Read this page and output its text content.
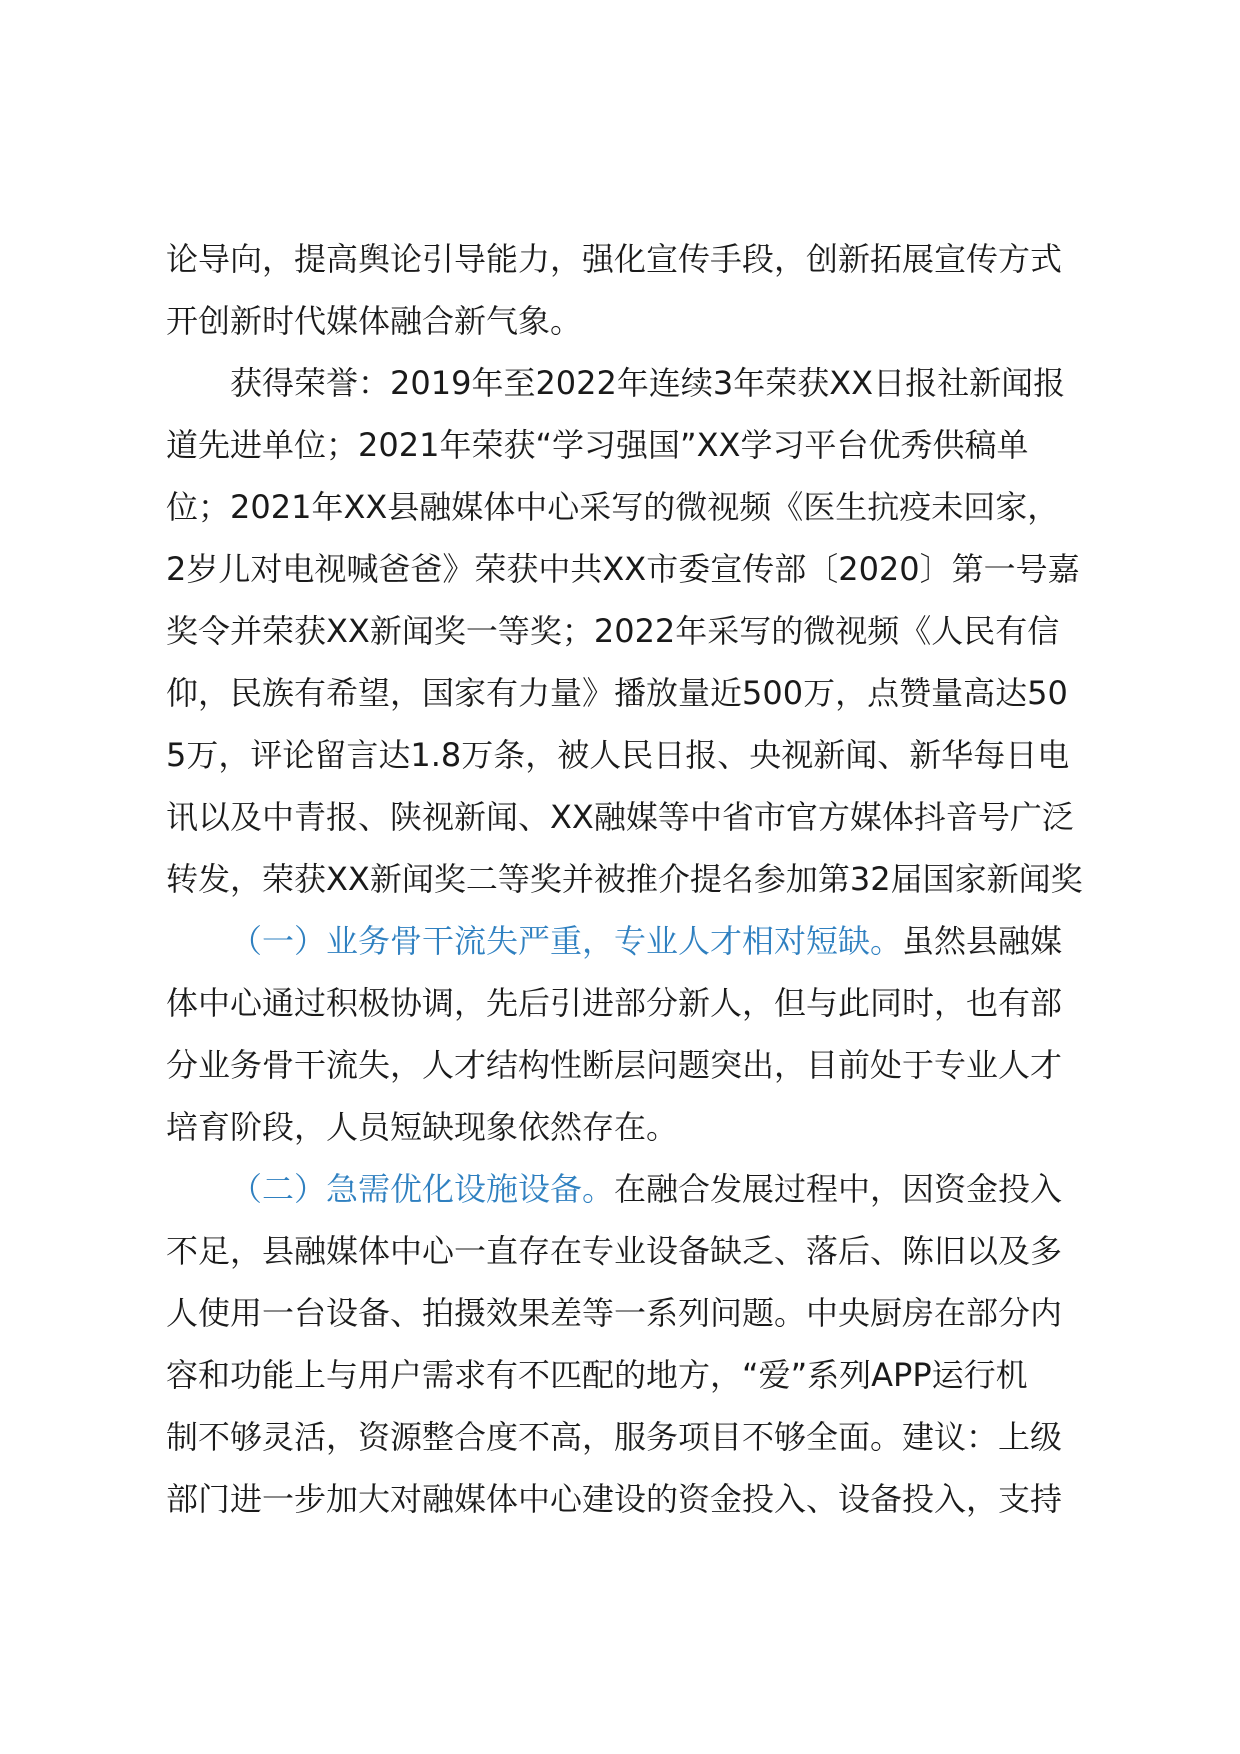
论导向，提高舆论引导能力，强化宣传手段，创新拓展宣传方式
开创新时代媒体融合新气象。

获得荣誉：2019年至2022年连续3年荣获XX日报社新闻报
道先进单位；2021年荣获“学习强国”XX学习平台优秀供稿单
位；2021年XX县融媒体中心采写的微视频《医生抗疫未回家，
2岁儿对电视喊爸爸》荣获中共XX市委宣传部〔2020〕第一号嘉
奖令并荣获XX新闻奖一等奖；2022年采写的微视频《人民有信
仰，民族有希望，国家有力量》播放量近500万，点赞量高达50
5万，评论留言达1.8万条，被人民日报、央视新闻、新华每日电
讯以及中青报、陕视新闻、XX融媒等中省市官方媒体抖音号广泛
转发，荣获XX新闻奖二等奖并被推介提名参加第32届国家新闻奖

（一）业务骨干流失严重，专业人才相对短缺。虽然县融媒
体中心通过积极协调，先后引进部分新人，但与此同时，也有部
分业务骨干流失，人才结构性断层问题突出，目前处于专业人才
培育阶段，人员短缺现象依然存在。

（二）急需优化设施设备。在融合发展过程中，因资金投入
不足，县融媒体中心一直存在专业设备缺乏、落后、陈旧以及多
人使用一台设备、拍摄效果差等一系列问题。中央厨房在部分内
容和功能上与用户需求有不匹配的地方，“爱”系列APP运行机
制不够灵活，资源整合度不高，服务项目不够全面。建议：上级
部门进一步加大对融媒体中心建设的资金投入、设备投入，支持
